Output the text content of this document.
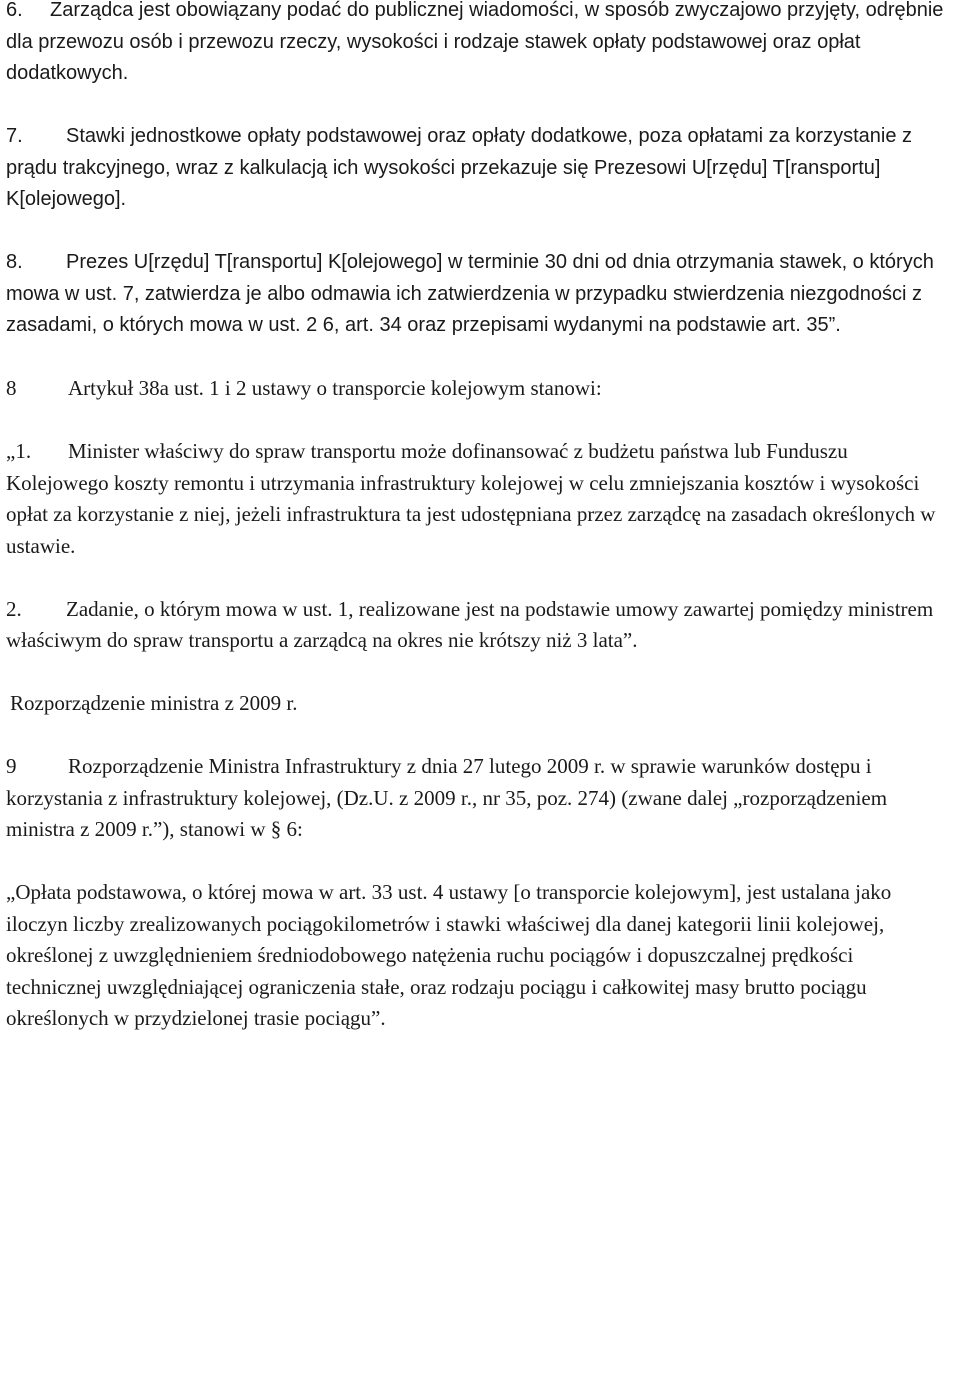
6. Zarządca jest obowiązany podać do publicznej wiadomości, w sposób zwyczajowo przyjęty, odrębnie dla przewozu osób i przewozu rzeczy, wysokości i rodzaje stawek opłaty podstawowej oraz opłat dodatkowych.

7. Stawki jednostkowe opłaty podstawowej oraz opłaty dodatkowe, poza opłatami za korzystanie z prądu trakcyjnego, wraz z kalkulacją ich wysokości przekazuje się Prezesowi U[rzędu] T[ransportu] K[olejowego].

8. Prezes U[rzędu] T[ransportu] K[olejowego] w terminie 30 dni od dnia otrzymania stawek, o których mowa w ust. 7, zatwierdza je albo odmawia ich zatwierdzenia w przypadku stwierdzenia niezgodności z zasadami, o których mowa w ust. 2 6, art. 34 oraz przepisami wydanymi na podstawie art. 35”.

8 Artykuł 38a ust. 1 i 2 ustawy o transporcie kolejowym stanowi:

„1. Minister właściwy do spraw transportu może dofinansować z budżetu państwa lub Funduszu Kolejowego koszty remontu i utrzymania infrastruktury kolejowej w celu zmniejszania kosztów i wysokości opłat za korzystanie z niej, jeżeli infrastruktura ta jest udostępniana przez zarządcę na zasadach określonych w ustawie.

2. Zadanie, o którym mowa w ust. 1, realizowane jest na podstawie umowy zawartej pomiędzy ministrem właściwym do spraw transportu a zarządcą na okres nie krótszy niż 3 lata”.

Rozporządzenie ministra z 2009 r.

9 Rozporządzenie Ministra Infrastruktury z dnia 27 lutego 2009 r. w sprawie warunków dostępu i korzystania z infrastruktury kolejowej, (Dz.U. z 2009 r., nr 35, poz. 274) (zwane dalej „rozporządzeniem ministra z 2009 r.”), stanowi w § 6:

„Opłata podstawowa, o której mowa w art. 33 ust. 4 ustawy [o transporcie kolejowym], jest ustalana jako iloczyn liczby zrealizowanych pociągokilometrów i stawki właściwej dla danej kategorii linii kolejowej, określonej z uwzględnieniem średniodobowego natężenia ruchu pociągów i dopuszczalnej prędkości technicznej uwzględniającej ograniczenia stałe, oraz rodzaju pociągu i całkowitej masy brutto pociągu określonych w przydzielonej trasie pociągu”.
